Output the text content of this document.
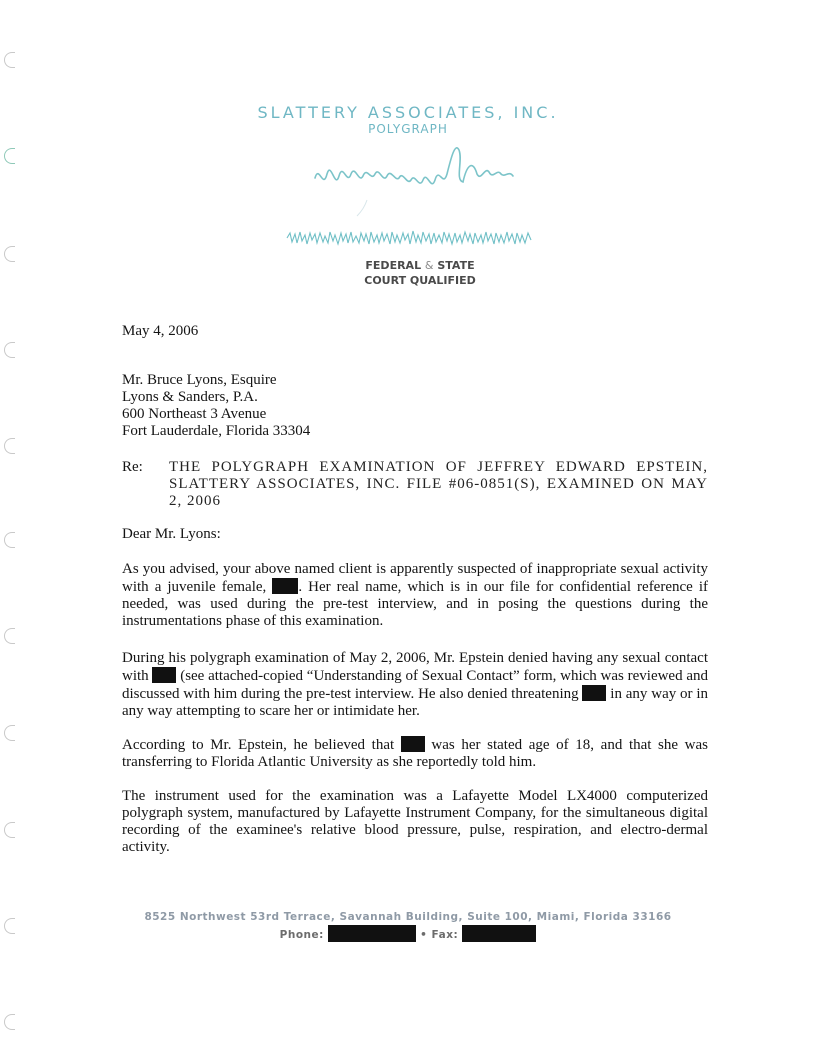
SLATTERY ASSOCIATES, INC.
POLYGRAPH
FEDERAL & STATE
COURT QUALIFIED
May 4, 2006
Mr. Bruce Lyons, Esquire
Lyons & Sanders, P.A.
600 Northeast 3 Avenue
Fort Lauderdale, Florida 33304
Re: THE POLYGRAPH EXAMINATION OF JEFFREY EDWARD EPSTEIN, SLATTERY ASSOCIATES, INC. FILE #06-0851(S), EXAMINED ON MAY 2, 2006
Dear Mr. Lyons:

As you advised, your above named client is apparently suspected of inappropriate sexual activity with a juvenile female, . Her real name, which is in our file for confidential reference if needed, was used during the pre-test interview, and in posing the questions during the instrumentations phase of this examination.

During his polygraph examination of May 2, 2006, Mr. Epstein denied having any sexual contact with  (see attached-copied “Understanding of Sexual Contact” form, which was reviewed and discussed with him during the pre-test interview. He also denied threatening  in any way or in any way attempting to scare her or intimidate her.

According to Mr. Epstein, he believed that  was her stated age of 18, and that she was transferring to Florida Atlantic University as she reportedly told him.

The instrument used for the examination was a Lafayette Model LX4000 computerized polygraph system, manufactured by Lafayette Instrument Company, for the simultaneous digital recording of the examinee's relative blood pressure, pulse, respiration, and electro-dermal activity.

8525 Northwest 53rd Terrace, Savannah Building, Suite 100, Miami, Florida 33166
Phone:	• Fax:
